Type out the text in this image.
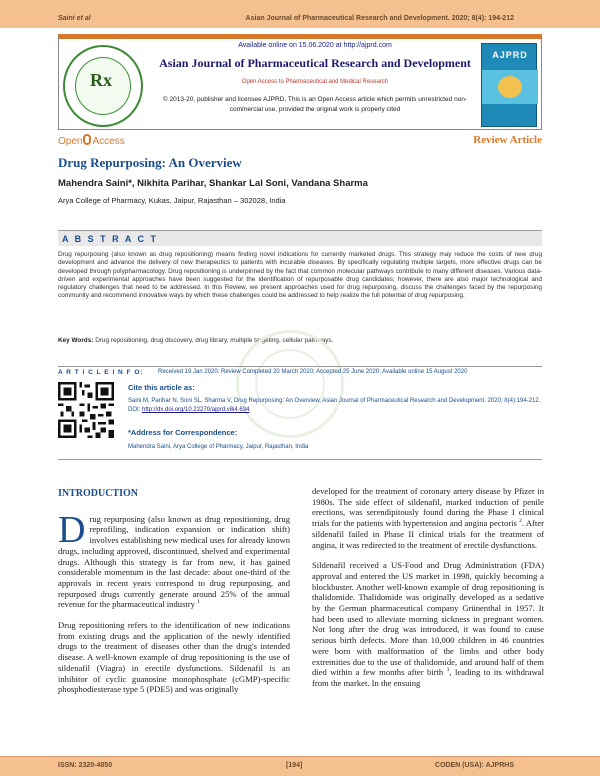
Saini et al	Asian Journal of Pharmaceutical Research and Development. 2020; 8(4): 194-212
Rx
Available online on 15.06.2020 at http://ajprd.com
Asian Journal of Pharmaceutical Research and Development
Open Access to Pharmaceutical and Medical Research
© 2013-20, publisher and licensee AJPRD, This is an Open Access article which permits unrestricted non-commercial use, provided the original work is properly cited
AJPRD
Open Access	Review Article
Drug Repurposing: An Overview
Mahendra Saini*, Nikhita Parihar, Shankar Lal Soni, Vandana Sharma
Arya College of Pharmacy, Kukas, Jaipur, Rajasthan – 302028, India
A B S T R A C T
Drug repurposing (also known as drug repositioning) means finding novel indications for currently marketed drugs. This strategy may reduce the costs of new drug development and advance the delivery of new therapeutics to patients with incurable diseases. By specifically regulating multiple targets, more effective drugs can be developed through polypharmacology. Drug repositioning is underpinned by the fact that common molecular pathways contribute to many different diseases. Various data-driven and experimental approaches have been suggested for the identification of repurposable drug candidates; however, there are also major technological and regulatory challenges that need to be addressed. In this Review, we present approaches used for drug repurposing, discuss the challenges faced by the repurposing community and recommend innovative ways by which these challenges could be addressed to help realize the full potential of drug repurposing.
Key Words: Drug repositioning, drug discovery, drug library, multiple targeting, cellular pathways.
A R T I C L E I N F O: Received 19 Jan 2020; Review Completed 20 March 2020; Accepted 25 June 2020; Available online 15 August 2020
Cite this article as:
Saini M, Parihar N, Soni SL, Sharma V, Drug Repurposing: An Overview, Asian Journal of Pharmaceutical Research and Development. 2020; 8(4):194-212. DOI: http://dx.doi.org/10.22270/ajprd.v8i4.634
*Address for Correspondence:
Mahendra Saini, Arya College of Pharmacy, Jaipur, Rajasthan, India
INTRODUCTION

Drug repurposing (also known as drug repositioning, drug reprofiling, indication expansion or indication shift) involves establishing new medical uses for already known drugs, including approved, discontinued, shelved and experimental drugs. Although this strategy is far from new, it has gained considerable momentum in the last decade: about one-third of the approvals in recent years correspond to drug repurposing, and repurposed drugs currently generate around 25% of the annual revenue for the pharmaceutical industry $^1$

Drug repositioning refers to the identification of new indications from existing drugs and the application of the newly identified drugs to the treatment of diseases other than the drug's intended disease. A well-known example of drug repositioning is the use of sildenafil (Viagra) in erectile dysfunctions. Sildenafil is an inhibitor of cyclic guanosine monophosphate (cGMP)-specific phosphodiesterase type 5 (PDE5) and was originally

developed for the treatment of coronary artery disease by Pfizer in 1980s. The side effect of sildenafil, marked induction of penile erections, was serendipitously found during the Phase I clinical trials for the patients with hypertension and angina pectoris $^2$. After sildenafil failed in Phase II clinical trials for the treatment of angina, it was redirected to the treatment of erectile dysfunctions.

Sildenafil received a US-Food and Drug Administration (FDA) approval and entered the US market in 1998, quickly becoming a blockbuster. Another well-known example of drug repositioning is thalidomide. Thalidomide was originally developed as a sedative by the German pharmaceutical company Grünenthal in 1957. It had been used to alleviate morning sickness in pregnant women. Not long after the drug was introduced, it was found to cause serious birth defects. More than 10,000 children in 46 countries were born with malformation of the limbs and other body extremities due to the use of thalidomide, and around half of them died within a few months after birth $^3$, leading to its withdrawal from the market. In the ensuing

ISSN: 2320-4850	[194]	CODEN (USA): AJPRHS
